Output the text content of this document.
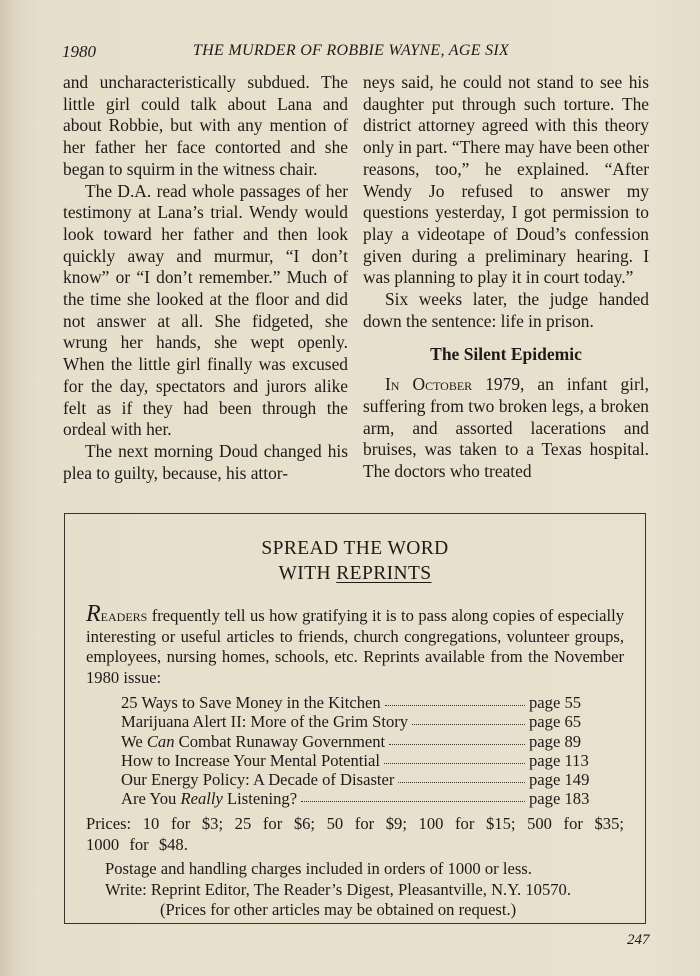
1980	THE MURDER OF ROBBIE WAYNE, AGE SIX

and uncharacteristically subdued. The little girl could talk about Lana and about Robbie, but with any mention of her father her face contorted and she began to squirm in the witness chair.

The D.A. read whole passages of her testimony at Lana’s trial. Wendy would look toward her father and then look quickly away and murmur, “I don’t know” or “I don’t remember.” Much of the time she looked at the floor and did not answer at all. She fidgeted, she wrung her hands, she wept openly. When the little girl finally was excused for the day, spectators and jurors alike felt as if they had been through the ordeal with her.

The next morning Doud changed his plea to guilty, because, his attor-

neys said, he could not stand to see his daughter put through such torture. The district attorney agreed with this theory only in part. “There may have been other reasons, too,” he explained. “After Wendy Jo refused to answer my questions yesterday, I got permission to play a videotape of Doud’s confession given during a preliminary hearing. I was planning to play it in court today.”

Six weeks later, the judge handed down the sentence: life in prison.

The Silent Epidemic

In October 1979, an infant girl, suffering from two broken legs, a broken arm, and assorted lacerations and bruises, was taken to a Texas hospital. The doctors who treated

SPREAD THE WORD
WITH REPRINTS
Readers frequently tell us how gratifying it is to pass along copies of especially interesting or useful articles to friends, church congregations, volunteer groups, employees, nursing homes, schools, etc. Reprints available from the November 1980 issue:
25 Ways to Save Money in the Kitchen	page 55
Marijuana Alert II: More of the Grim Story	page 65
We Can Combat Runaway Government	page 89
How to Increase Your Mental Potential	page 113
Our Energy Policy: A Decade of Disaster	page 149
Are You Really Listening?	page 183
Prices: 10 for $3; 25 for $6; 50 for $9; 100 for $15; 500 for $35; 1000 for $48.
Postage and handling charges included in orders of 1000 or less.
Write: Reprint Editor, The Reader’s Digest, Pleasantville, N.Y. 10570.
(Prices for other articles may be obtained on request.)
247
